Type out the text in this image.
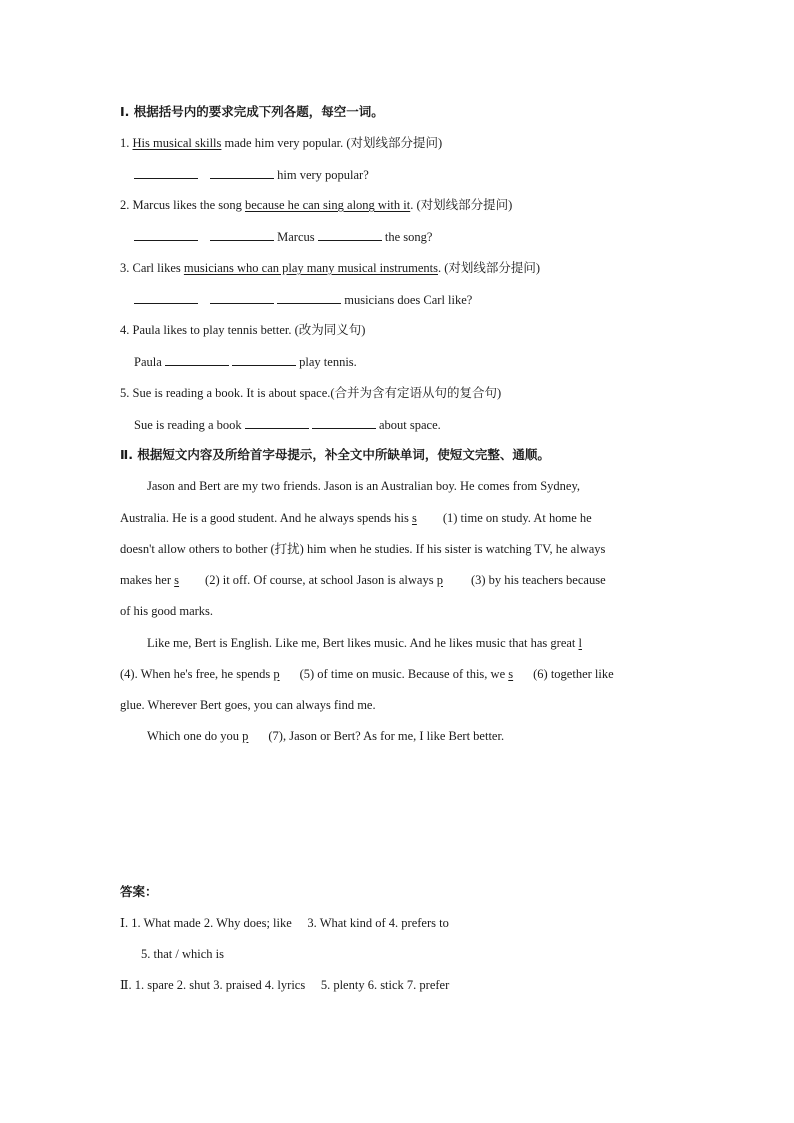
Ⅰ. 根据括号内的要求完成下列各题，每空一词。
1. His musical skills made him very popular. (对划线部分提问)
him very popular?
2. Marcus likes the song because he can sing along with it. (对划线部分提问)
Marcus	the song?
3. Carl likes musicians who can play many musical instruments. (对划线部分提问)
musicians does Carl like?
4. Paula likes to play tennis better. (改为同义句)
Paula	play tennis.
5. Sue is reading a book. It is about space.(合并为含有定语从句的复合句)
Sue is reading a book	about space.
Ⅱ. 根据短文内容及所给首字母提示，补全文中所缺单词，使短文完整、通顺。
Jason and Bert are my two friends. Jason is an Australian boy. He comes from Sydney,
Australia. He is a good student. And he always spends his s (1) time on study. At home he
doesn't allow others to bother (打扰) him when he studies. If his sister is watching TV, he always
makes her s (2) it off. Of course, at school Jason is always p (3) by his teachers because
of his good marks.
Like me, Bert is English. Like me, Bert likes music. And he likes music that has great l
(4). When he's free, he spends p (5) of time on music. Because of this, we s (6) together like
glue. Wherever Bert goes, you can always find me.
Which one do you p (7), Jason or Bert? As for me, I like Bert better.
答案：
Ⅰ. 1. What made 2. Why does; like     3. What kind of 4. prefers to
5. that / which is
Ⅱ. 1. spare 2. shut 3. praised 4. lyrics     5. plenty 6. stick 7. prefer
